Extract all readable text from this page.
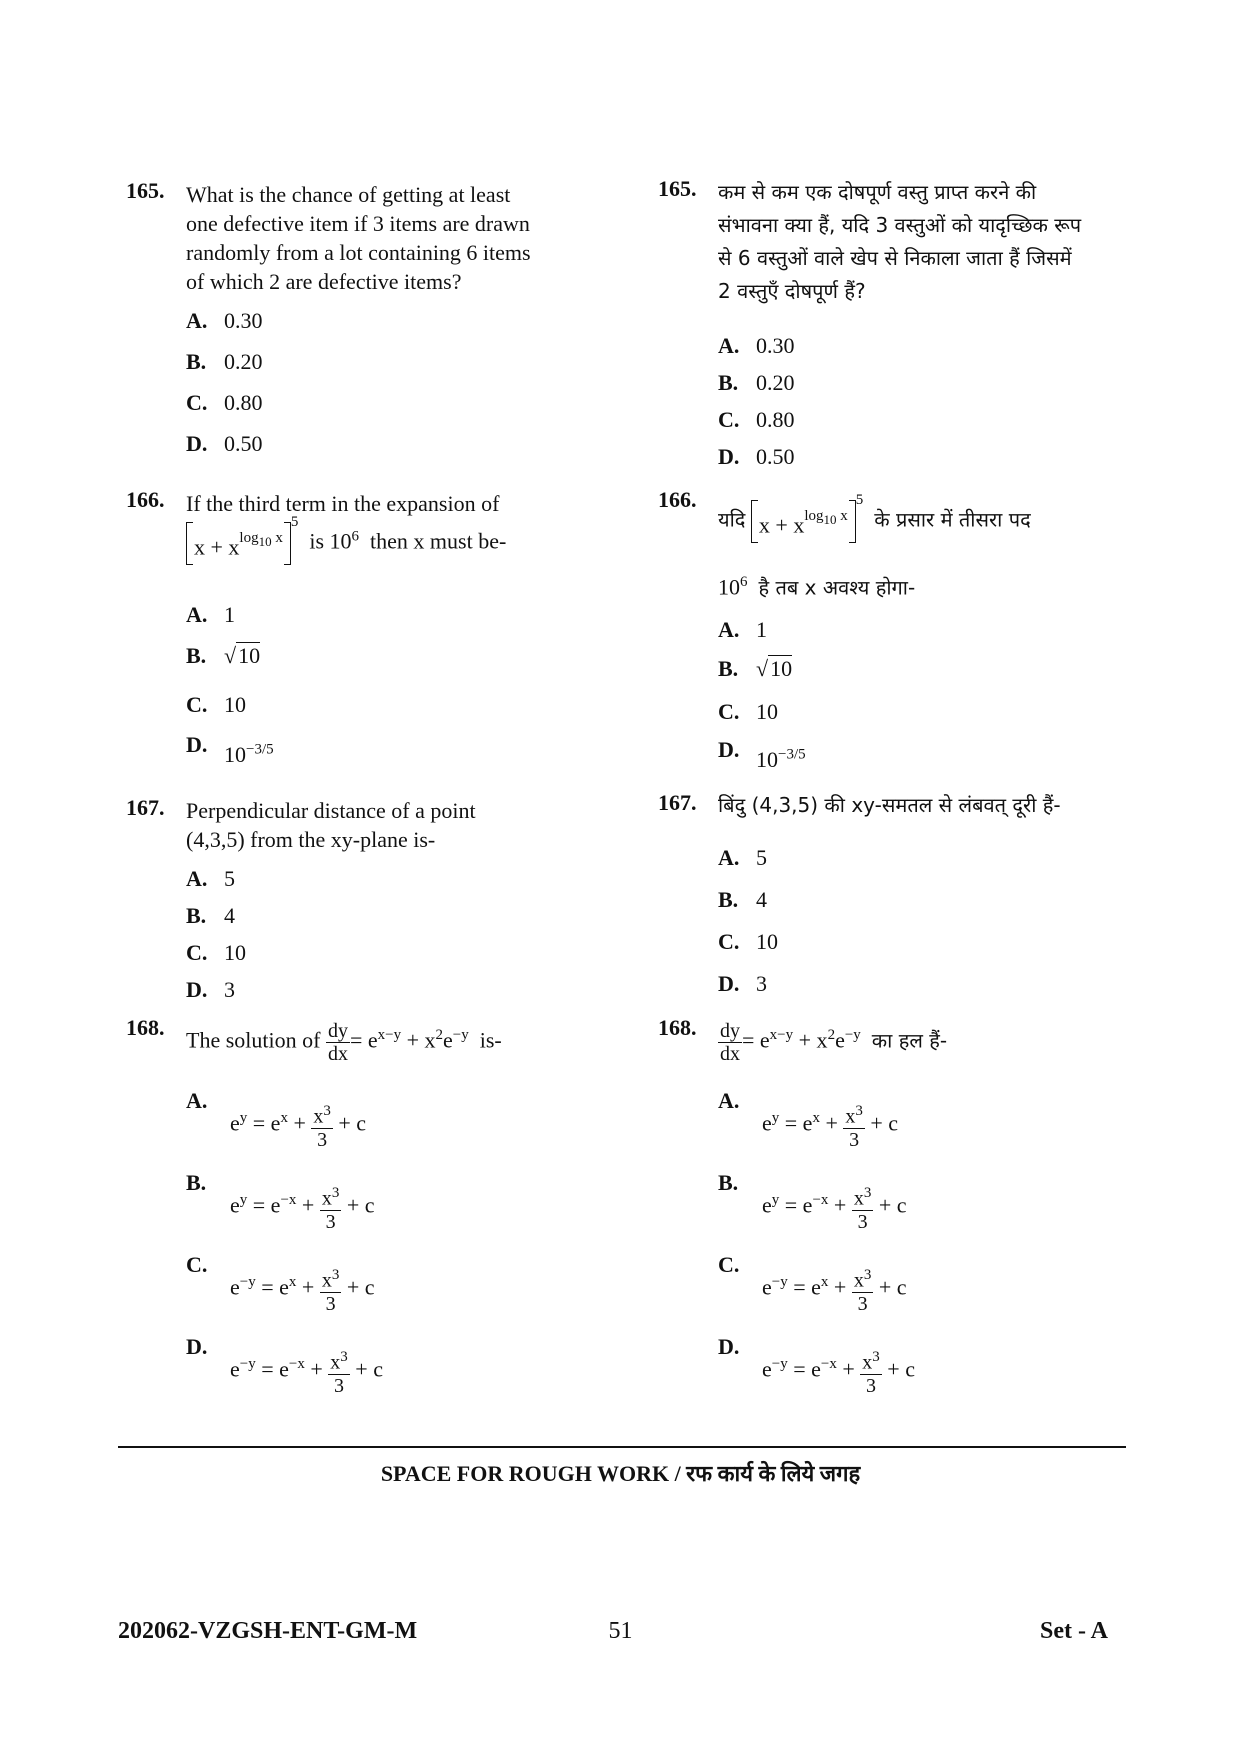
165. What is the chance of getting at least
one defective item if 3 items are drawn
randomly from a lot containing 6 items
of which 2 are defective items?
A. 0.30
B. 0.20
C. 0.80
D. 0.50
166. If the third term in the expansion of
$x + x^{log_{10} x5}$  is $10^6$ then x must be-
A. 1
B. √10
C. 10
D. $10^{-3/5}$
167. Perpendicular distance of a point
(4,3,5) from the xy-plane is-
A. 5
B. 4
C. 10
D. 3
168.
The solution of $\frac{dy}{dx} = e^{x-y} + x^2e^{-y}$ is-
A.
$e^y = e^x + \frac{x^3}{3} + c$
B.
$e^y = e^{-x} + \frac{x^3}{3} + c$
C.
$e^{-y} = e^x + \frac{x^3}{3} + c$
D.
$e^{-y} = e^{-x} + \frac{x^3}{3} + c$
165. कम से कम एक दोषपूर्ण वस्तु प्राप्त करने की
संभावना क्या हैं, यदि 3 वस्तुओं को यादृच्छिक रूप
से 6 वस्तुओं वाले खेप से निकाला जाता हैं जिसमें
2 वस्तुएँ दोषपूर्ण हैं?
A. 0.30
B. 0.20
C. 0.80
D. 0.50
166.
यदि $x + x^{log_{10} x5}$  के प्रसार में तीसरा पद
$10^6$ है तब x अवश्य होगा-
A. 1
B. √10
C. 10
D. $10^{-3/5}$
167. बिंदु (4,3,5) की xy-समतल से लंबवत् दूरी हैं-
A. 5
B. 4
C. 10
D. 3
168. $\frac{dy}{dx} = e^{x-y} + x^2e^{-y}$ का हल हैं-
A.
$e^y = e^x + \frac{x^3}{3} + c$
B.
$e^y = e^{-x} + \frac{x^3}{3} + c$
C.
$e^{-y} = e^x + \frac{x^3}{3} + c$
D.
$e^{-y} = e^{-x} + \frac{x^3}{3} + c$
SPACE FOR ROUGH WORK / रफ कार्य के लिये जगह
51
202062-VZGSH-ENT-GM-M	Set - A
